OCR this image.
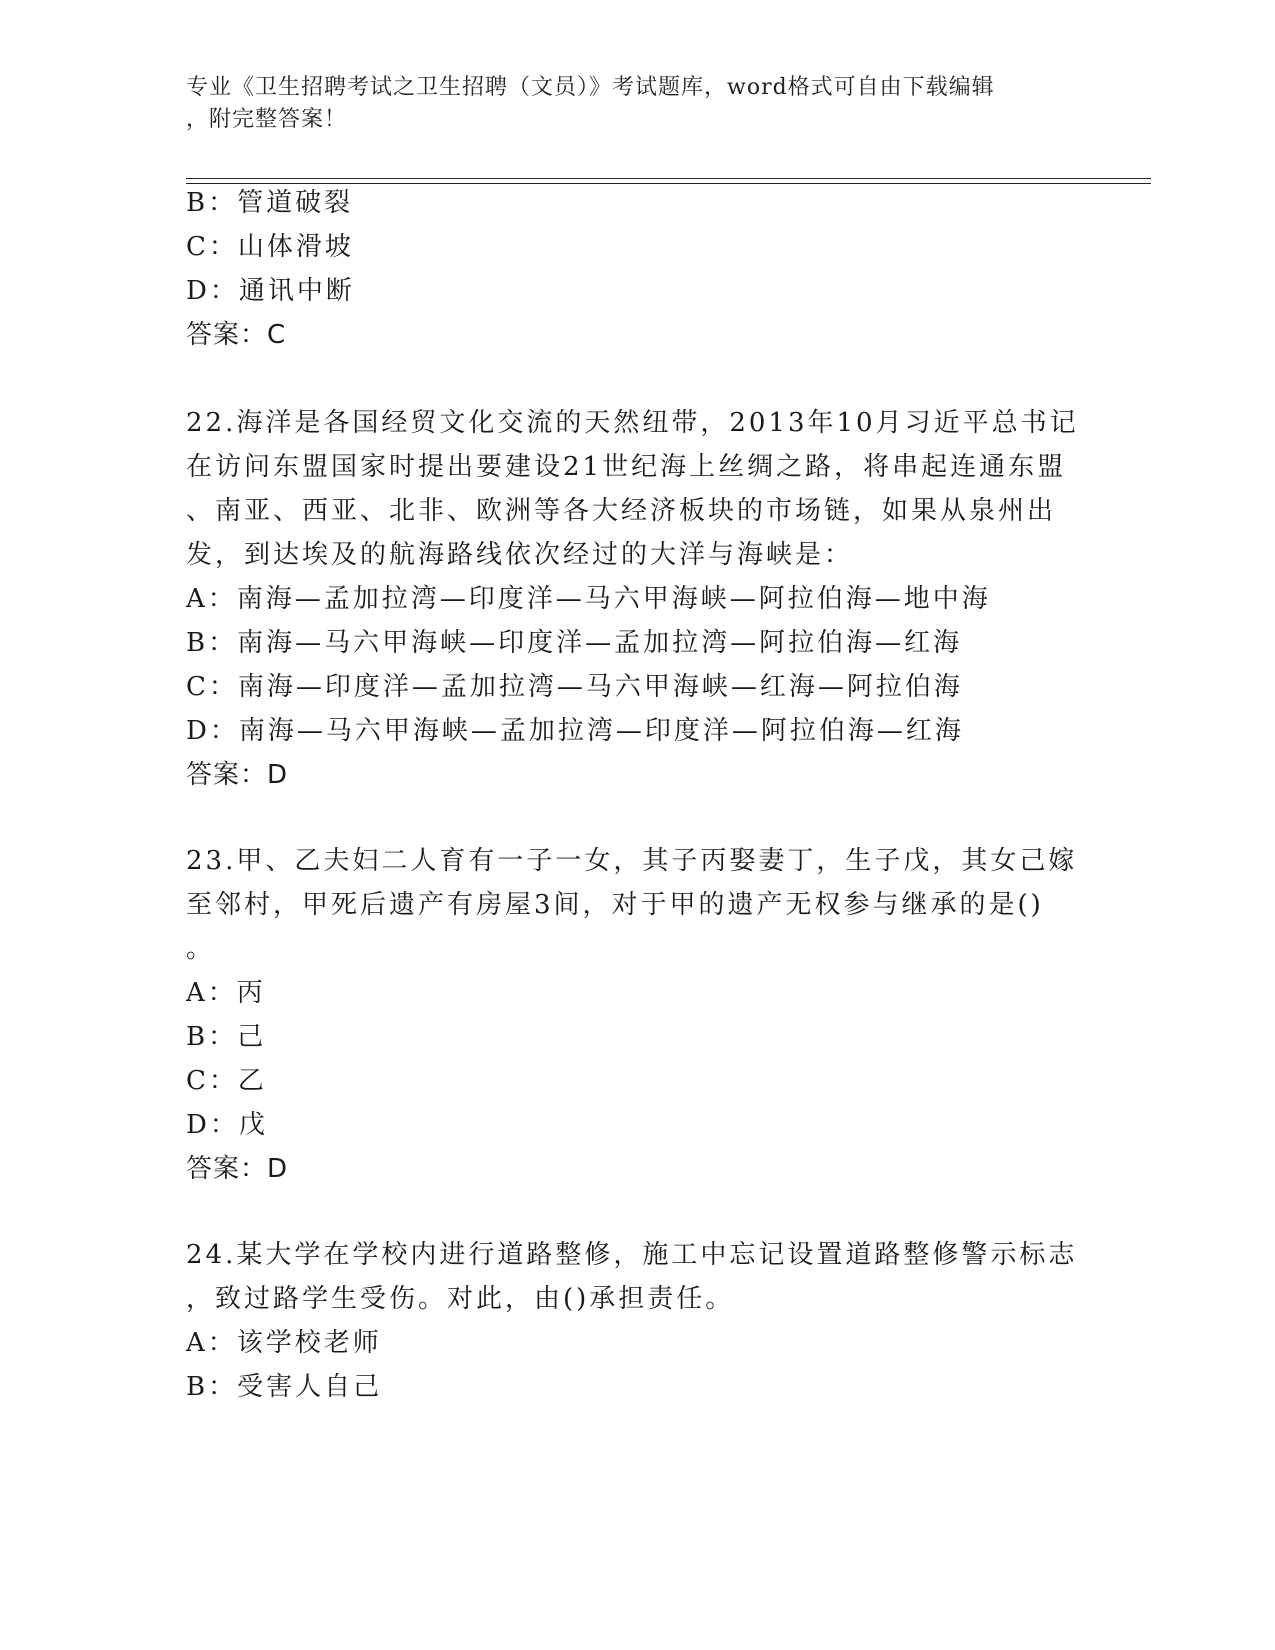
专业《卫生招聘考试之卫生招聘（文员）》考试题库，word格式可自由下载编辑
，附完整答案！
B：管道破裂
C：山体滑坡
D：通讯中断
答案：C
22.海洋是各国经贸文化交流的天然纽带，2013年10月习近平总书记
在访问东盟国家时提出要建设21世纪海上丝绸之路，将串起连通东盟
、南亚、西亚、北非、欧洲等各大经济板块的市场链，如果从泉州出
发，到达埃及的航海路线依次经过的大洋与海峡是：
A：南海—孟加拉湾—印度洋—马六甲海峡—阿拉伯海—地中海
B：南海—马六甲海峡—印度洋—孟加拉湾—阿拉伯海—红海
C：南海—印度洋—孟加拉湾—马六甲海峡—红海—阿拉伯海
D：南海—马六甲海峡—孟加拉湾—印度洋—阿拉伯海—红海
答案：D
23.甲、乙夫妇二人育有一子一女，其子丙娶妻丁，生子戊，其女己嫁
至邻村，甲死后遗产有房屋3间，对于甲的遗产无权参与继承的是()
。
A：丙
B：己
C：乙
D：戊
答案：D
24.某大学在学校内进行道路整修，施工中忘记设置道路整修警示标志
，致过路学生受伤。对此，由()承担责任。
A：该学校老师
B：受害人自己
